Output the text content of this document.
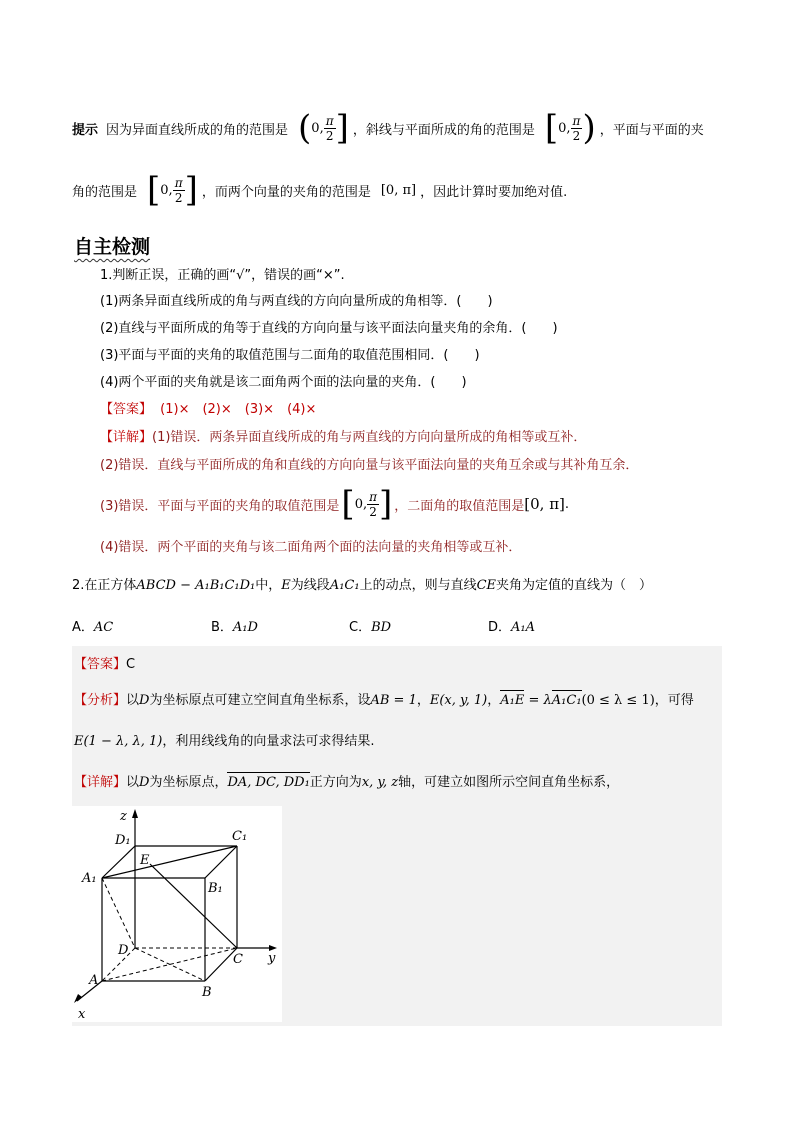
提示 因为异面直线所成的角的范围是 ( 0, $\frac{\pi}{2}$ ] ，斜线与平面所成的角的范围是 [ 0, $\frac{\pi}{2}$ ) ，平面与平面的夹
角的范围是 [ 0, $\frac{\pi}{2}$ ] ，而两个向量的夹角的范围是 [0, π] ，因此计算时要加绝对值.
自主检测
1.判断正误，正确的画“√”，错误的画“×”.
(1)两条异面直线所成的角与两直线的方向向量所成的角相等．(　　)
(2)直线与平面所成的角等于直线的方向向量与该平面法向量夹角的余角．(　　)
(3)平面与平面的夹角的取值范围与二面角的取值范围相同．(　　)
(4)两个平面的夹角就是该二面角两个面的法向量的夹角．(　　)
【答案】 (1)×　(2)×　(3)×　(4)×
【详解】(1)错误．两条异面直线所成的角与两直线的方向向量所成的角相等或互补．
(2)错误．直线与平面所成的角和直线的方向向量与该平面法向量的夹角互余或与其补角互余．
(3)错误．平面与平面的夹角的取值范围是 [ 0, $\frac{\pi}{2}$ ] ，二面角的取值范围是 [0, π] .
(4)错误．两个平面的夹角与该二面角两个面的法向量的夹角相等或互补．
2.在正方体ABCD − A₁B₁C₁D₁中，E为线段A₁C₁上的动点，则与直线CE夹角为定值的直线为（　）
A．AC	B．A₁D	C．BD	D．A₁A
【答案】C
【分析】以D为坐标原点可建立空间直角坐标系，设AB = 1，E(x, y, 1)，A₁E = λA₁C₁(0 ≤ λ ≤ 1)，可得
E(1 − λ, λ, 1)，利用线线角的向量求法可求得结果.
【详解】以D为坐标原点，DA, DC, DD₁正方向为x, y, z轴，可建立如图所示空间直角坐标系，
z
D₁	C₁
E
A₁
B₁
D
C y
A
B
x
